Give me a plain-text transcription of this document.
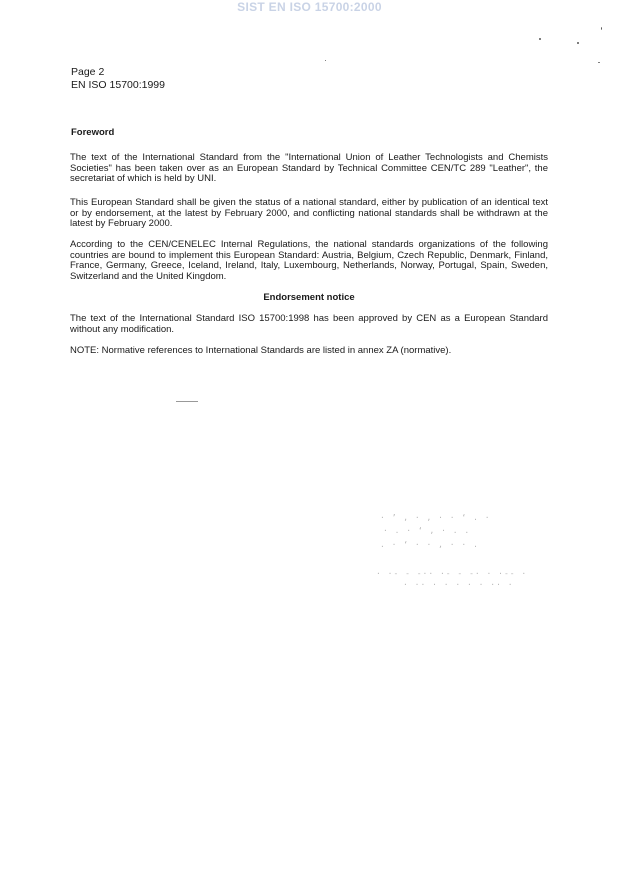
SIST EN ISO 15700:2000
Page 2
EN ISO 15700:1999
Foreword
The text of the International Standard from the "International Union of Leather Technologists and Chemists Societies" has been taken over as an European Standard by Technical Committee CEN/TC 289 "Leather", the secretariat of which is held by UNI.
This European Standard shall be given the status of a national standard, either by publication of an identical text or by endorsement, at the latest by February 2000, and conflicting national standards shall be withdrawn at the latest by February 2000.
According to the CEN/CENELEC Internal Regulations, the national standards organizations of the following countries are bound to implement this European Standard: Austria, Belgium, Czech Republic, Denmark, Finland, France, Germany, Greece, Iceland, Ireland, Italy, Luxembourg, Netherlands, Norway, Portugal, Spain, Sweden, Switzerland and the United Kingdom.
Endorsement notice
The text of the International Standard ISO 15700:1998 has been approved by CEN as a European Standard without any modification.
NOTE: Normative references to International Standards are listed in annex ZA (normative).
· ’ , · , · · ‘ . ·
· . · ‘ , · . .
. · ‘ · · , · · .
· ·- - -·· ·- - -· · ·-- ·
· ·· · · · · · ·· ·
